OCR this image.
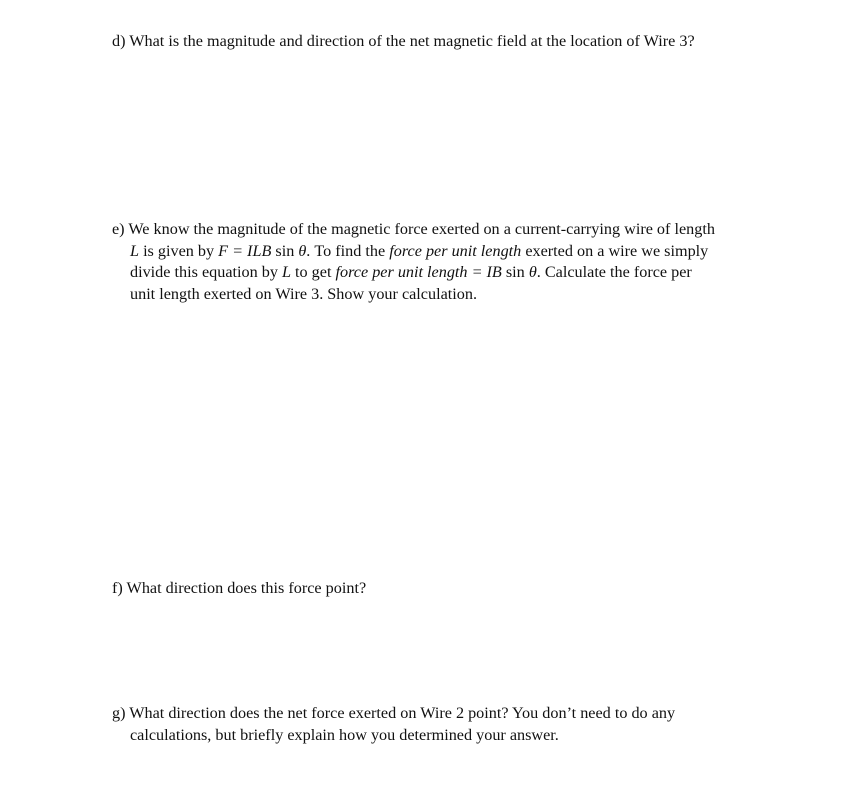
d) What is the magnitude and direction of the net magnetic field at the location of Wire 3?
e) We know the magnitude of the magnetic force exerted on a current-carrying wire of length
L is given by F = ILB sin θ. To find the force per unit length exerted on a wire we simply
divide this equation by L to get force per unit length = IB sin θ. Calculate the force per
unit length exerted on Wire 3. Show your calculation.
f) What direction does this force point?
g) What direction does the net force exerted on Wire 2 point? You don’t need to do any
calculations, but briefly explain how you determined your answer.
